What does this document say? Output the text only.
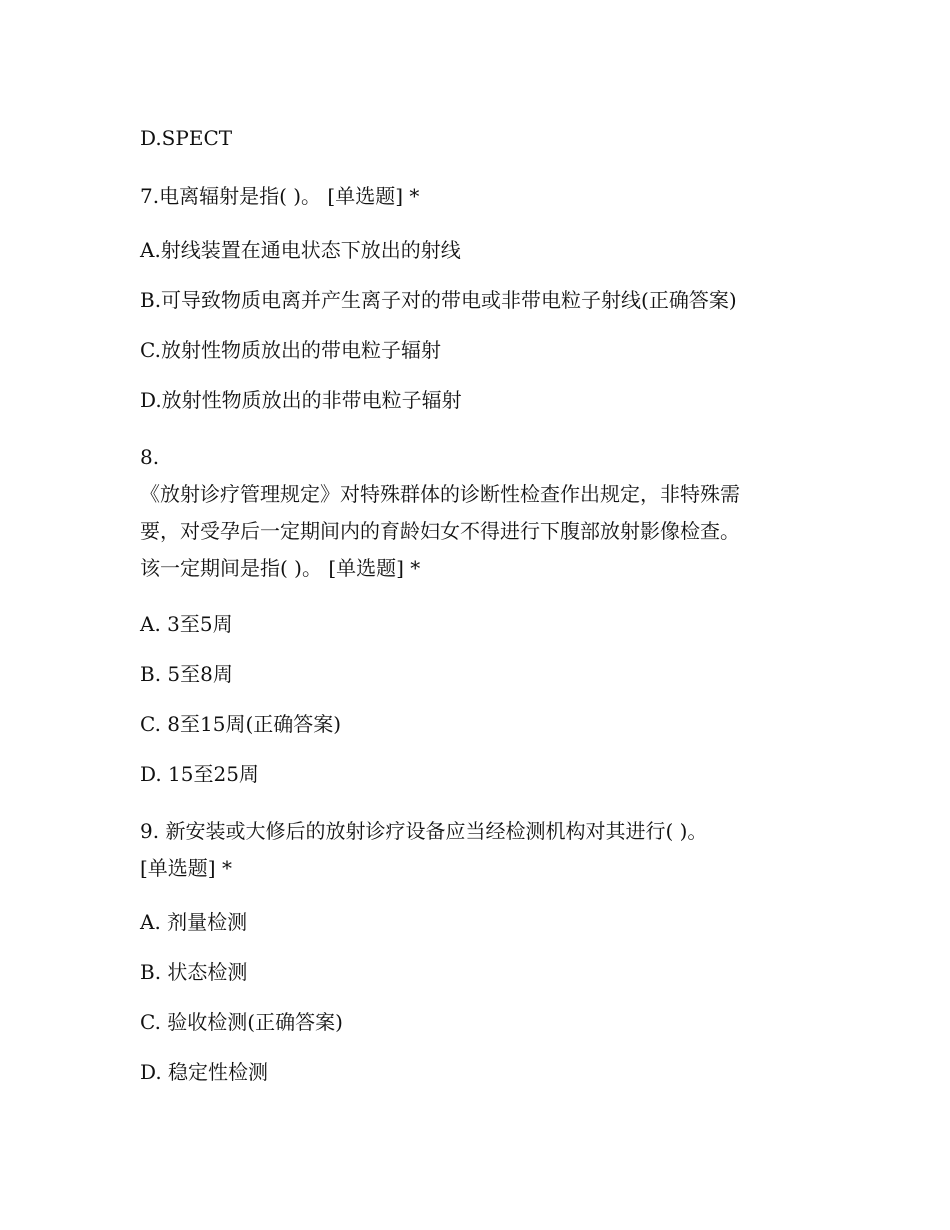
D.SPECT
7.电离辐射是指( )。 [单选题] *
A.射线装置在通电状态下放出的射线
B.可导致物质电离并产生离子对的带电或非带电粒子射线(正确答案)
C.放射性物质放出的带电粒子辐射
D.放射性物质放出的非带电粒子辐射
8.
《放射诊疗管理规定》对特殊群体的诊断性检查作出规定，非特殊需
要，对受孕后一定期间内的育龄妇女不得进行下腹部放射影像检查。
该一定期间是指( )。 [单选题] *
A. 3至5周
B. 5至8周
C. 8至15周(正确答案)
D. 15至25周
9. 新安装或大修后的放射诊疗设备应当经检测机构对其进行( )。
[单选题] *
A. 剂量检测
B. 状态检测
C. 验收检测(正确答案)
D. 稳定性检测
